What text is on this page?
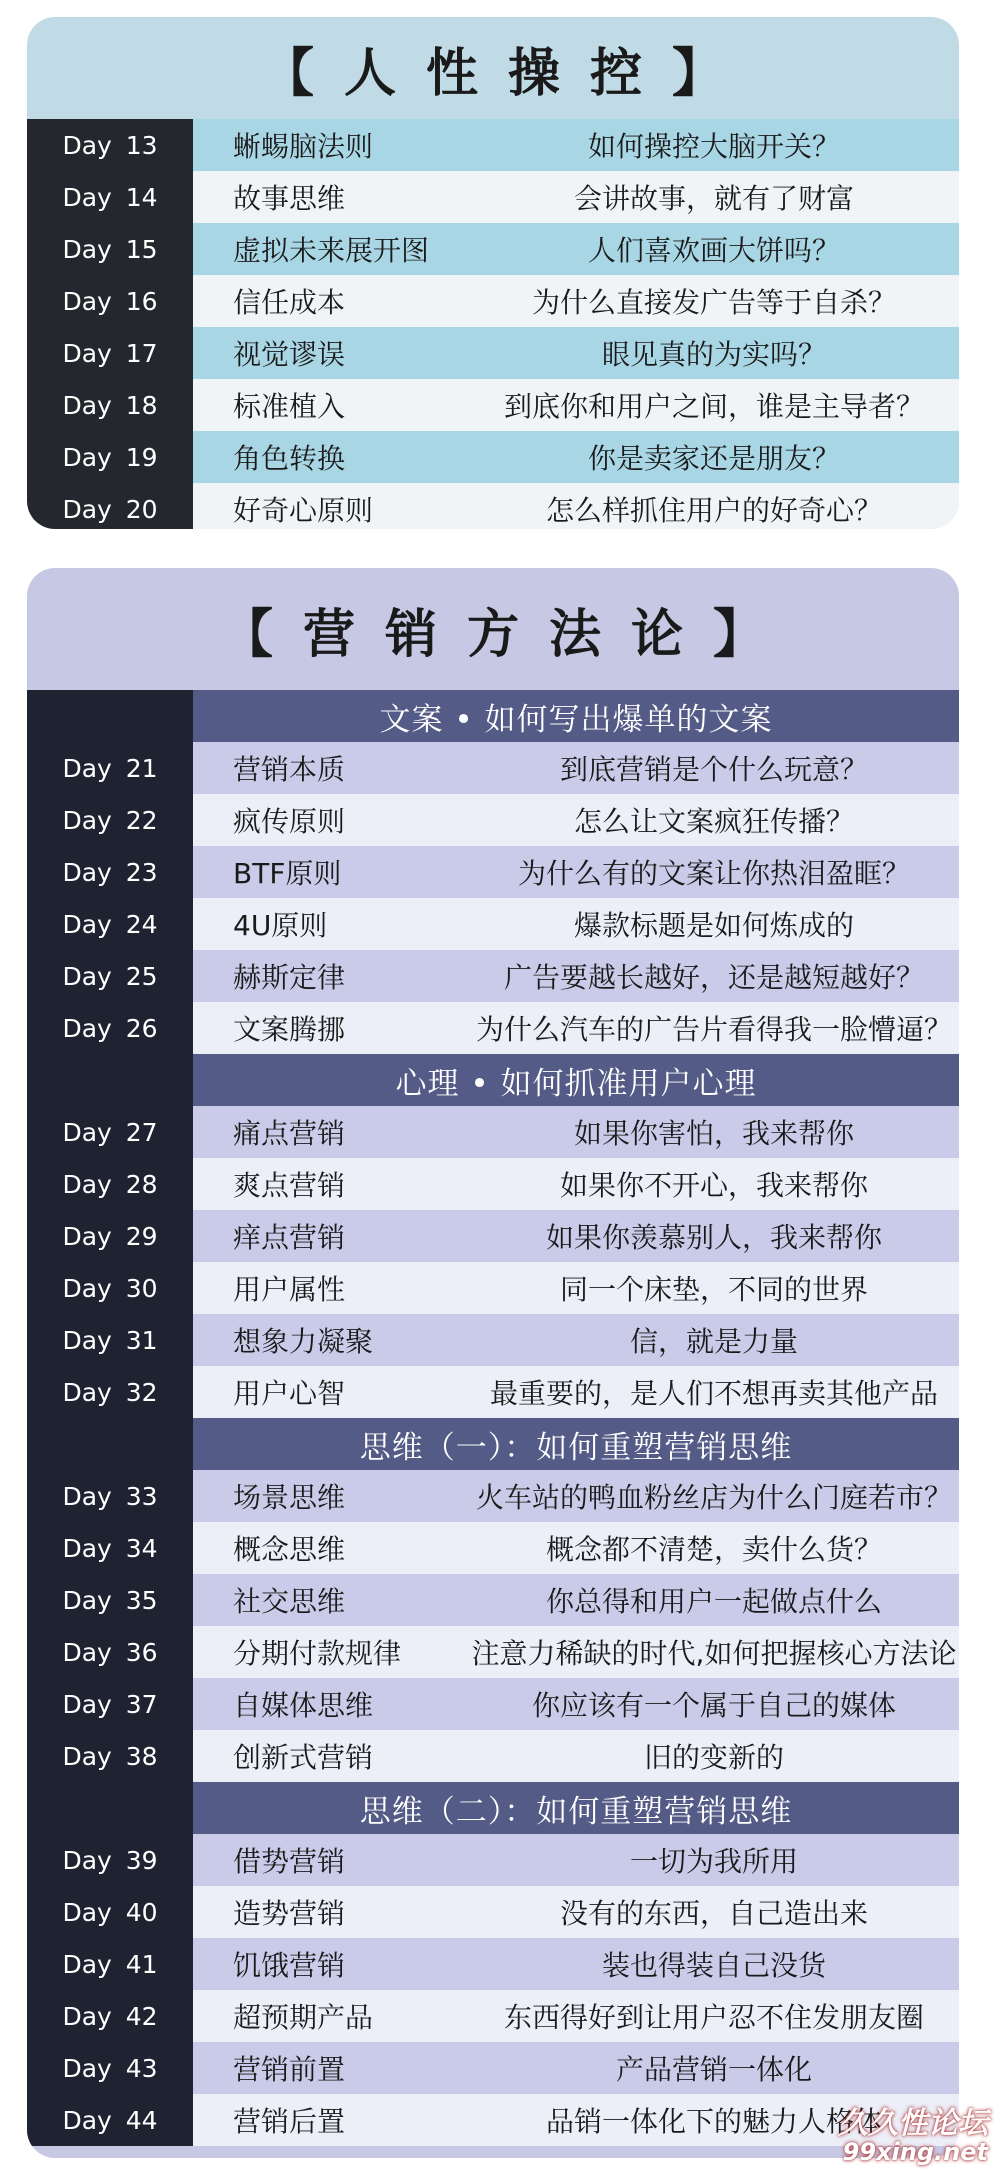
【人性操控】
Day 13	蜥蜴脑法则	如何操控大脑开关？
Day 14	故事思维	会讲故事，就有了财富
Day 15	虚拟未来展开图	人们喜欢画大饼吗？
Day 16	信任成本	为什么直接发广告等于自杀？
Day 17	视觉谬误	眼见真的为实吗？
Day 18	标准植入	到底你和用户之间，谁是主导者？
Day 19	角色转换	你是卖家还是朋友？
Day 20	好奇心原则	怎么样抓住用户的好奇心？
【营销方法论】
文案 • 如何写出爆单的文案
Day 21	营销本质	到底营销是个什么玩意？
Day 22	疯传原则	怎么让文案疯狂传播？
Day 23	BTF原则	为什么有的文案让你热泪盈眶？
Day 24	4U原则	爆款标题是如何炼成的
Day 25	赫斯定律	广告要越长越好，还是越短越好？
Day 26	文案腾挪	为什么汽车的广告片看得我一脸懵逼？
心理 • 如何抓准用户心理
Day 27	痛点营销	如果你害怕，我来帮你
Day 28	爽点营销	如果你不开心，我来帮你
Day 29	痒点营销	如果你羡慕别人，我来帮你
Day 30	用户属性	同一个床垫，不同的世界
Day 31	想象力凝聚	信，就是力量
Day 32	用户心智	最重要的，是人们不想再卖其他产品
思维（一）：如何重塑营销思维
Day 33	场景思维	火车站的鸭血粉丝店为什么门庭若市？
Day 34	概念思维	概念都不清楚，卖什么货？
Day 35	社交思维	你总得和用户一起做点什么
Day 36	分期付款规律	注意力稀缺的时代,如何把握核心方法论
Day 37	自媒体思维	你应该有一个属于自己的媒体
Day 38	创新式营销	旧的变新的
思维（二）：如何重塑营销思维
Day 39	借势营销	一切为我所用
Day 40	造势营销	没有的东西，自己造出来
Day 41	饥饿营销	装也得装自己没货
Day 42	超预期产品	东西得好到让用户忍不住发朋友圈
Day 43	营销前置	产品营销一体化
Day 44	营销后置	品销一体化下的魅力人格体
久久性论坛
99xing.net
